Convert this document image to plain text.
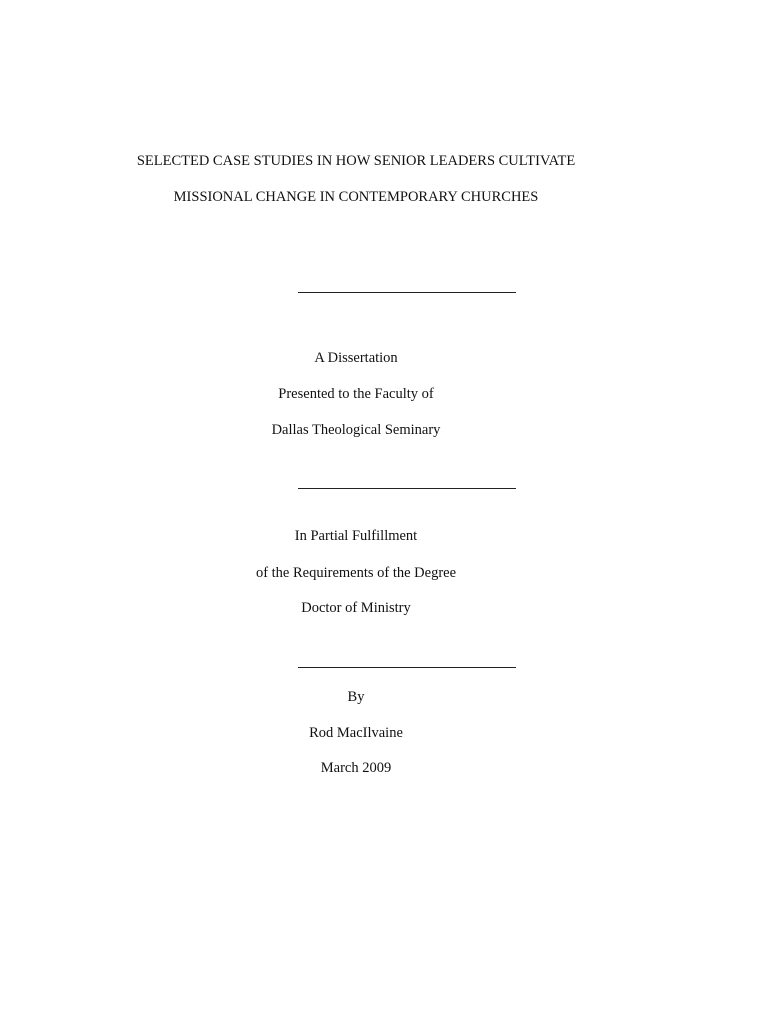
SELECTED CASE STUDIES IN HOW SENIOR LEADERS CULTIVATE
MISSIONAL CHANGE IN CONTEMPORARY CHURCHES
A Dissertation
Presented to the Faculty of
Dallas Theological Seminary
In Partial Fulfillment
of the Requirements of the Degree
Doctor of Ministry
By
Rod MacIlvaine
March 2009
